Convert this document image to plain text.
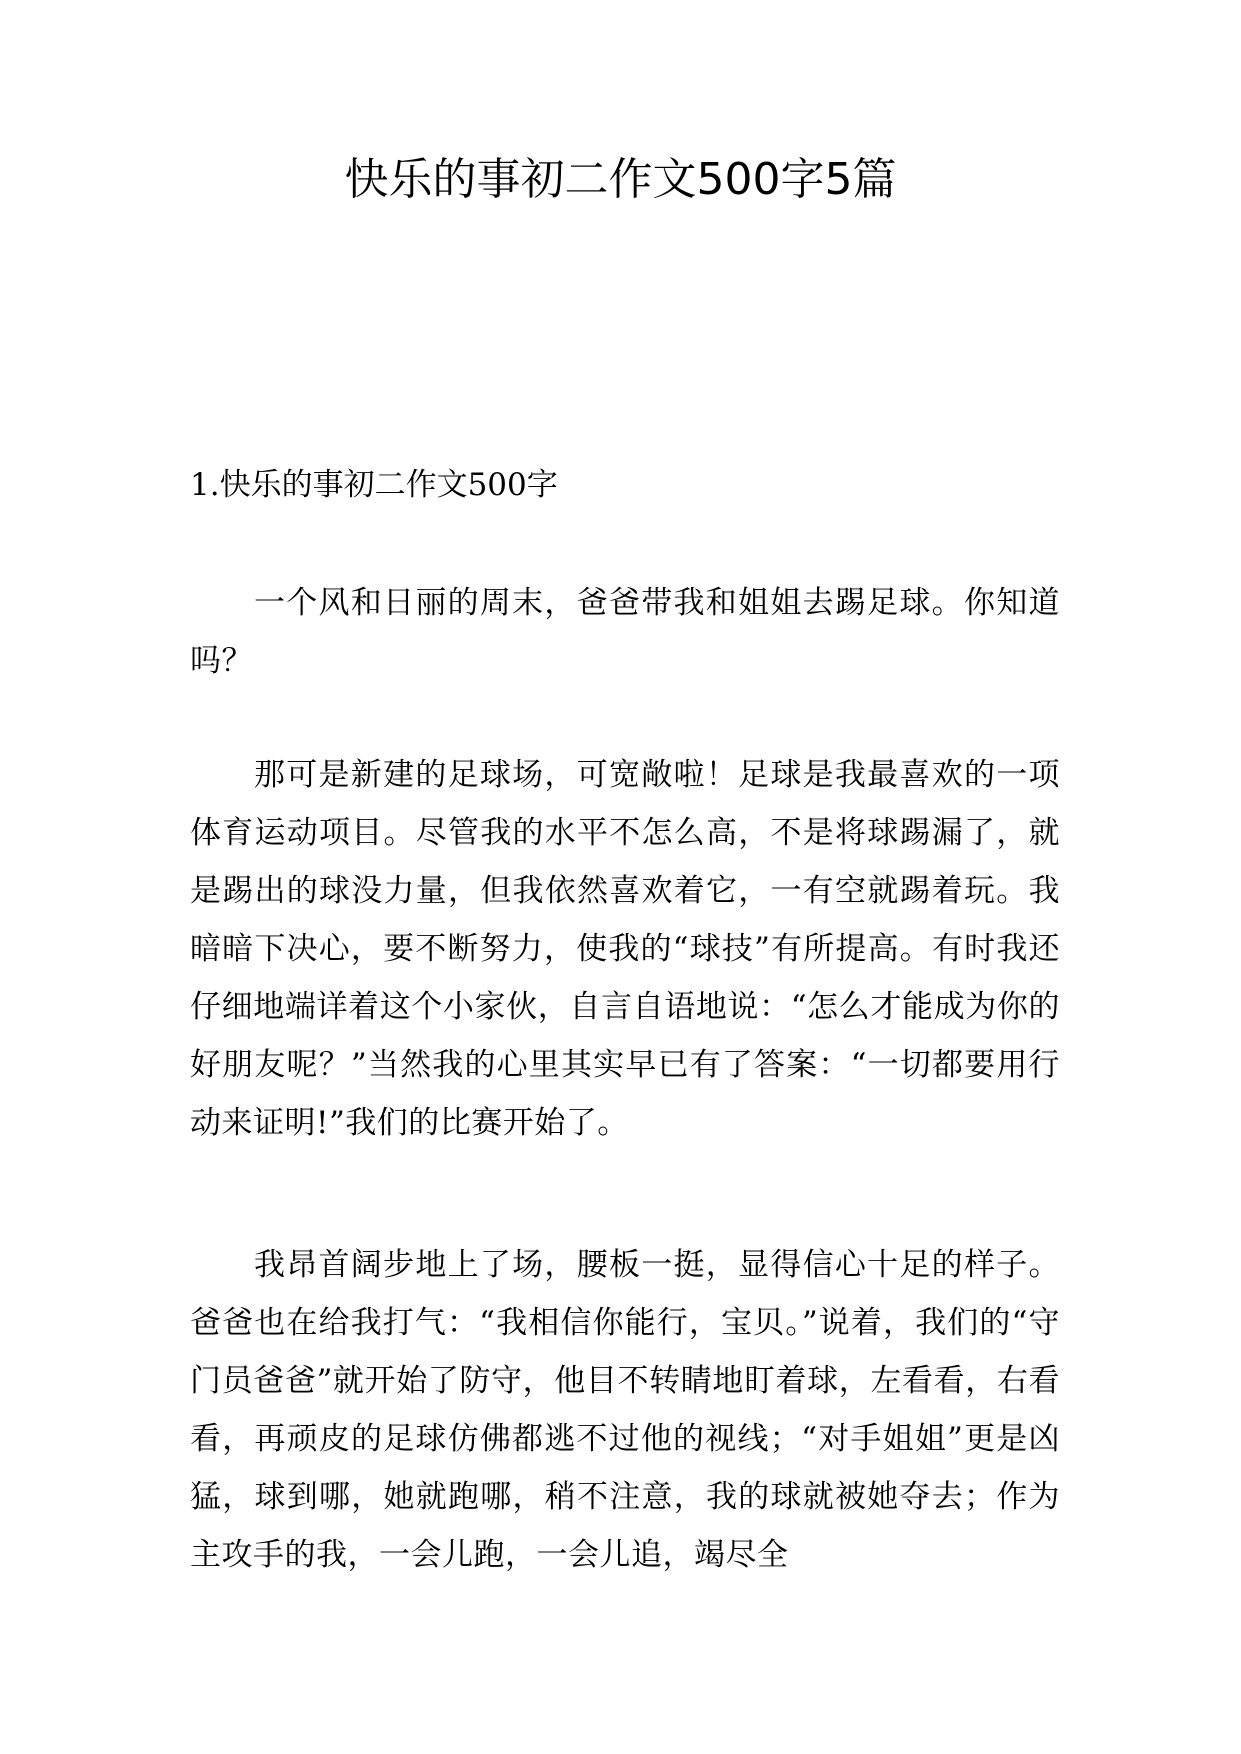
快乐的事初二作文500字5篇
1.快乐的事初二作文500字

一个风和日丽的周末，爸爸带我和姐姐去踢足球。你知道吗？

那可是新建的足球场，可宽敞啦！足球是我最喜欢的一项体育运动项目。尽管我的水平不怎么高，不是将球踢漏了，就是踢出的球没力量，但我依然喜欢着它，一有空就踢着玩。我暗暗下决心，要不断努力，使我的“球技”有所提高。有时我还仔细地端详着这个小家伙，自言自语地说：“怎么才能成为你的好朋友呢？”当然我的心里其实早已有了答案：“一切都要用行动来证明!”我们的比赛开始了。

我昂首阔步地上了场，腰板一挺，显得信心十足的样子。爸爸也在给我打气：“我相信你能行，宝贝。”说着，我们的“守门员爸爸”就开始了防守，他目不转睛地盯着球，左看看，右看看，再顽皮的足球仿佛都逃不过他的视线；“对手姐姐”更是凶猛，球到哪，她就跑哪，稍不注意，我的球就被她夺去；作为主攻手的我，一会儿跑，一会儿追，竭尽全
